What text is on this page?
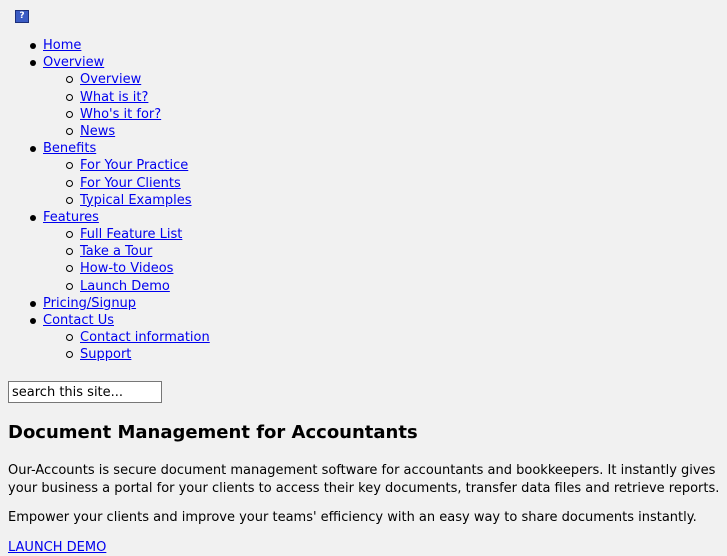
?
Home
Overview
Overview
What is it?
Who's it for?
News
Benefits
For Your Practice
For Your Clients
Typical Examples
Features
Full Feature List
Take a Tour
How-to Videos
Launch Demo
Pricing/Signup
Contact Us
Contact information
Support
search this site...
Document Management for Accountants

Our-Accounts is secure document management software for accountants and bookkeepers. It instantly gives your business a portal for your clients to access their key documents, transfer data files and retrieve reports.

Empower your clients and improve your teams' efficiency with an easy way to share documents instantly.

LAUNCH DEMO
